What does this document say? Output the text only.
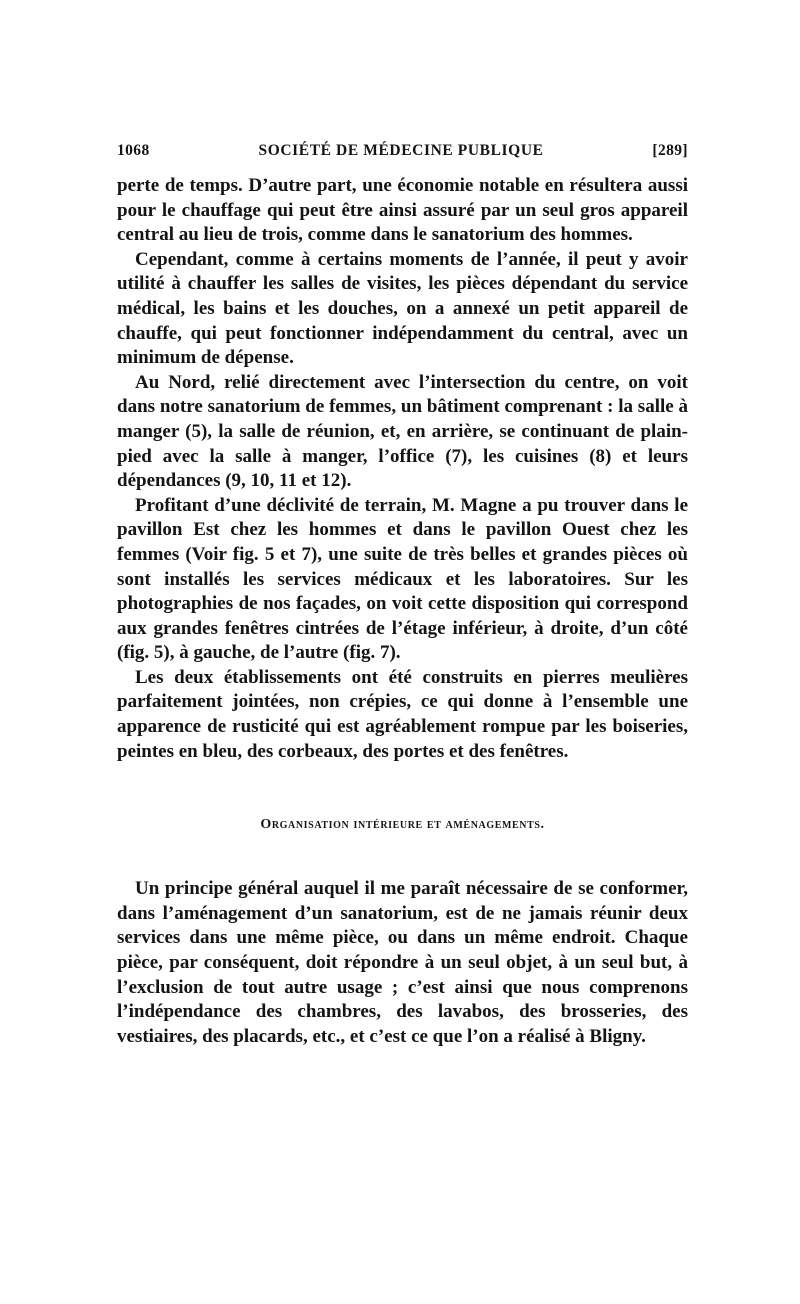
1068	SOCIÉTÉ DE MÉDECINE PUBLIQUE	[289]

perte de temps. D’autre part, une économie notable en résultera aussi pour le chauffage qui peut être ainsi assuré par un seul gros appareil central au lieu de trois, comme dans le sanatorium des hommes.

Cependant, comme à certains moments de l’année, il peut y avoir utilité à chauffer les salles de visites, les pièces dépendant du service médical, les bains et les douches, on a annexé un petit appareil de chauffe, qui peut fonctionner indépendamment du central, avec un minimum de dépense.

Au Nord, relié directement avec l’intersection du centre, on voit dans notre sanatorium de femmes, un bâtiment comprenant : la salle à manger (5), la salle de réunion, et, en arrière, se continuant de plain-pied avec la salle à manger, l’office (7), les cuisines (8) et leurs dépendances (9, 10, 11 et 12).

Profitant d’une déclivité de terrain, M. Magne a pu trouver dans le pavillon Est chez les hommes et dans le pavillon Ouest chez les femmes (Voir fig. 5 et 7), une suite de très belles et grandes pièces où sont installés les services médicaux et les laboratoires. Sur les photographies de nos façades, on voit cette disposition qui correspond aux grandes fenêtres cintrées de l’étage inférieur, à droite, d’un côté (fig. 5), à gauche, de l’autre (fig. 7).

Les deux établissements ont été construits en pierres meulières parfaitement jointées, non crépies, ce qui donne à l’ensemble une apparence de rusticité qui est agréablement rompue par les boiseries, peintes en bleu, des corbeaux, des portes et des fenêtres.

Organisation intérieure et aménagements.

Un principe général auquel il me paraît nécessaire de se conformer, dans l’aménagement d’un sanatorium, est de ne jamais réunir deux services dans une même pièce, ou dans un même endroit. Chaque pièce, par conséquent, doit répondre à un seul objet, à un seul but, à l’exclusion de tout autre usage ; c’est ainsi que nous comprenons l’indépendance des chambres, des lavabos, des brosseries, des vestiaires, des placards, etc., et c’est ce que l’on a réalisé à Bligny.
